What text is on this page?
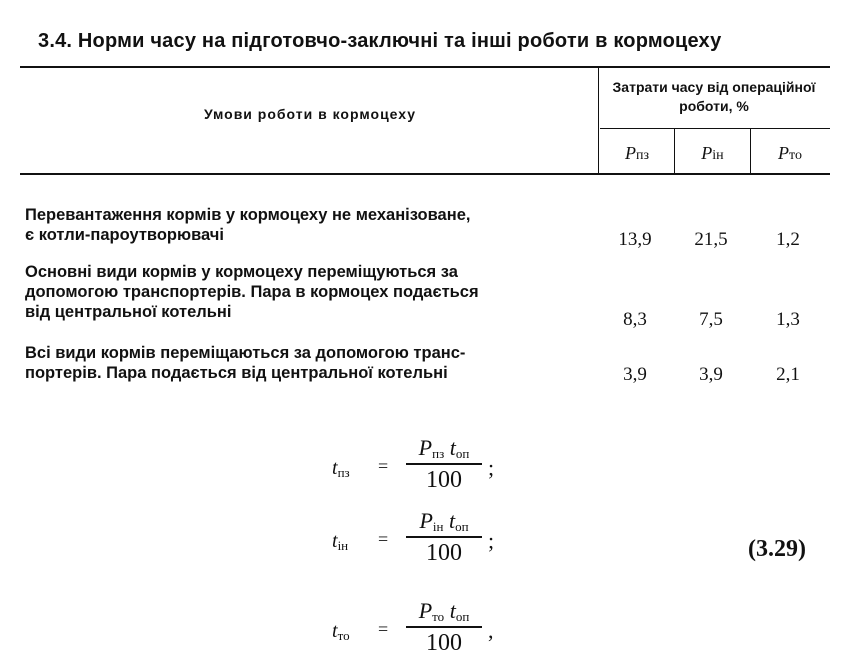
3.4. Норми часу на підготовчо-заключні та інші роботи в кормоцеху
Умови роботи в кормоцеху
Затрати часу від операційної роботи, %
Pпз	Pін	Pто
Перевантаження кормів у кормоцеху не механізоване,
є котли-пароутворювачі	13,9	21,5	1,2
Основні види кормів у кормоцеху переміщуються за
допомогою транспортерів. Пара в кормоцех подається
від центральної котельні	8,3	7,5	1,3
Всі види кормів переміщаються за допомогою транс-
портерів. Пара подається від центральної котельні	3,9	3,9	2,1
$t_{пз}$ =
$P_{пз}$ $t_{оп}$
100	;
$t_{ін}$ =
$P_{ін}$ $t_{оп}$
100	;
$t_{то}$ =
$P_{то}$ $t_{оп}$
100	,
(3.29)
